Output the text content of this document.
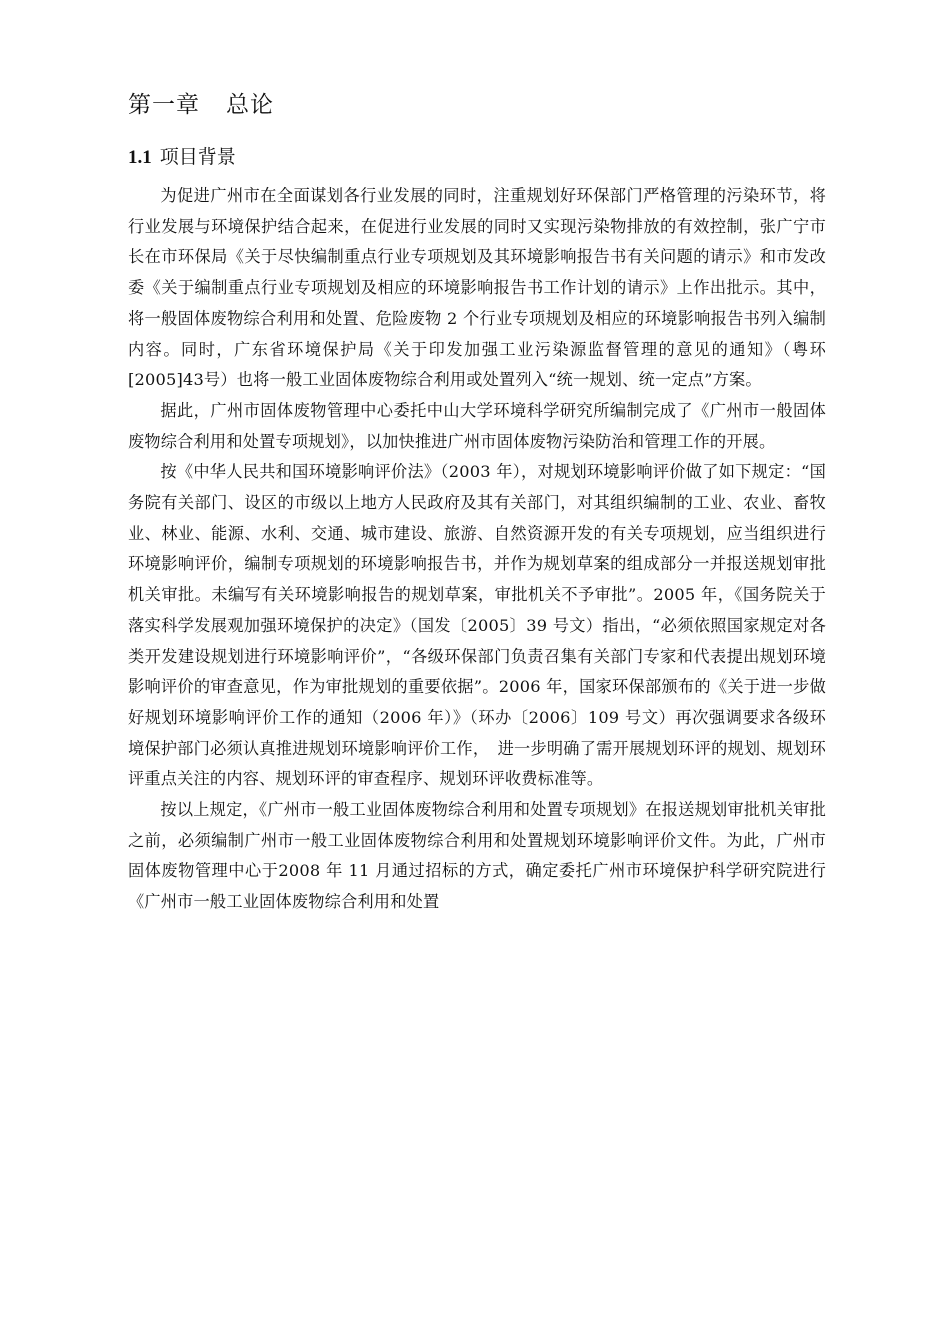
第一章 总论
1.1 项目背景

为促进广州市在全面谋划各行业发展的同时，注重规划好环保部门严格管理的污染环节，将行业发展与环境保护结合起来，在促进行业发展的同时又实现污染物排放的有效控制，张广宁市长在市环保局《关于尽快编制重点行业专项规划及其环境影响报告书有关问题的请示》和市发改委《关于编制重点行业专项规划及相应的环境影响报告书工作计划的请示》上作出批示。其中，将一般固体废物综合利用和处置、危险废物 2 个行业专项规划及相应的环境影响报告书列入编制内容。同时，广东省环境保护局《关于印发加强工业污染源监督管理的意见的通知》（粤环[2005]43号）也将一般工业固体废物综合利用或处置列入“统一规划、统一定点”方案。

据此，广州市固体废物管理中心委托中山大学环境科学研究所编制完成了《广州市一般固体废物综合利用和处置专项规划》，以加快推进广州市固体废物污染防治和管理工作的开展。

按《中华人民共和国环境影响评价法》（2003 年），对规划环境影响评价做了如下规定：“国务院有关部门、设区的市级以上地方人民政府及其有关部门，对其组织编制的工业、农业、畜牧业、林业、能源、水利、交通、城市建设、旅游、自然资源开发的有关专项规划，应当组织进行环境影响评价，编制专项规划的环境影响报告书，并作为规划草案的组成部分一并报送规划审批机关审批。未编写有关环境影响报告的规划草案，审批机关不予审批”。2005 年，《国务院关于落实科学发展观加强环境保护的决定》（国发〔2005〕39 号文）指出，“必须依照国家规定对各类开发建设规划进行环境影响评价”，“各级环保部门负责召集有关部门专家和代表提出规划环境影响评价的审查意见，作为审批规划的重要依据”。2006 年，国家环保部颁布的《关于进一步做好规划环境影响评价工作的通知（2006 年）》（环办〔2006〕109 号文）再次强调要求各级环境保护部门必须认真推进规划环境影响评价工作，　进一步明确了需开展规划环评的规划、规划环评重点关注的内容、规划环评的审查程序、规划环评收费标准等。

按以上规定，《广州市一般工业固体废物综合利用和处置专项规划》在报送规划审批机关审批之前，必须编制广州市一般工业固体废物综合利用和处置规划环境影响评价文件。为此，广州市固体废物管理中心于2008 年 11 月通过招标的方式，确定委托广州市环境保护科学研究院进行《广州市一般工业固体废物综合利用和处置
